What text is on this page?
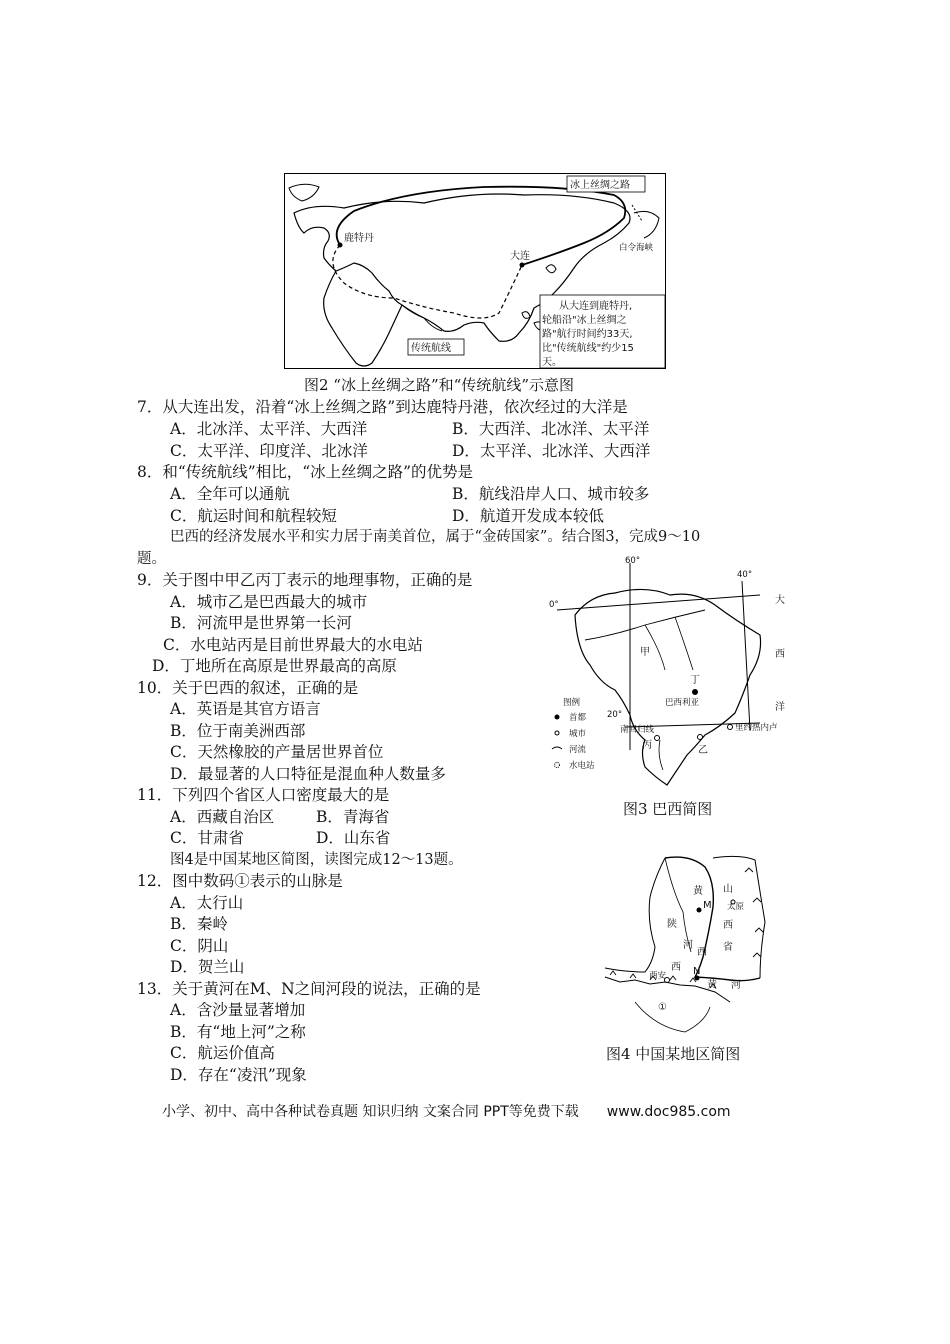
冰上丝绸之路
鹿特丹
大连
白令海峡
传统航线
从大连到鹿特丹,
轮船沿"冰上丝绸之
路"航行时间约33天,
比"传统航线"约少15
天。
图2 “冰上丝绸之路”和“传统航线”示意图
7．从大连出发，沿着“冰上丝绸之路”到达鹿特丹港，依次经过的大洋是
A．北冰洋、太平洋、大西洋	B．大西洋、北冰洋、太平洋
C．太平洋、印度洋、北冰洋	D．太平洋、北冰洋、大西洋
8．和“传统航线”相比，“冰上丝绸之路”的优势是
A．全年可以通航	B．航线沿岸人口、城市较多
C．航运时间和航程较短	D．航道开发成本较低
巴西的经济发展水平和实力居于南美首位，属于“金砖国家”。结合图3，完成9～10
题。
9．关于图中甲乙丙丁表示的地理事物，正确的是
A．城市乙是巴西最大的城市
B．河流甲是世界第一长河
C．水电站丙是目前世界最大的水电站
D．丁地所在高原是世界最高的高原
10．关于巴西的叙述，正确的是
A．英语是其官方语言
B．位于南美洲西部
C．天然橡胶的产量居世界首位
D．最显著的人口特征是混血种人数量多
11．下列四个省区人口密度最大的是
A．西藏自治区	B．青海省
C．甘肃省	D．山东省
图4是中国某地区简图，读图完成12～13题。
12．图中数码①表示的山脉是
A．太行山
B．秦岭
C．阴山
D．贺兰山
13．关于黄河在M、N之间河段的说法，正确的是
A．含沙量显著增加
B．有“地上河”之称
C．航运价值高
D．存在“凌汛”现象
60°
40°
0°
20°
甲
丁
巴西利亚
丙	乙
里约热内卢
南回归线
大
西
洋
图例
首都
城市
河流
水电站
图3 巴西简图
黄
M
山
太原
陕	西
省
河
西
西
N
西安
黄 河
①
图4 中国某地区简图
小学、初中、高中各种试卷真题 知识归纳 文案合同 PPT等免费下载 www.doc985.com
